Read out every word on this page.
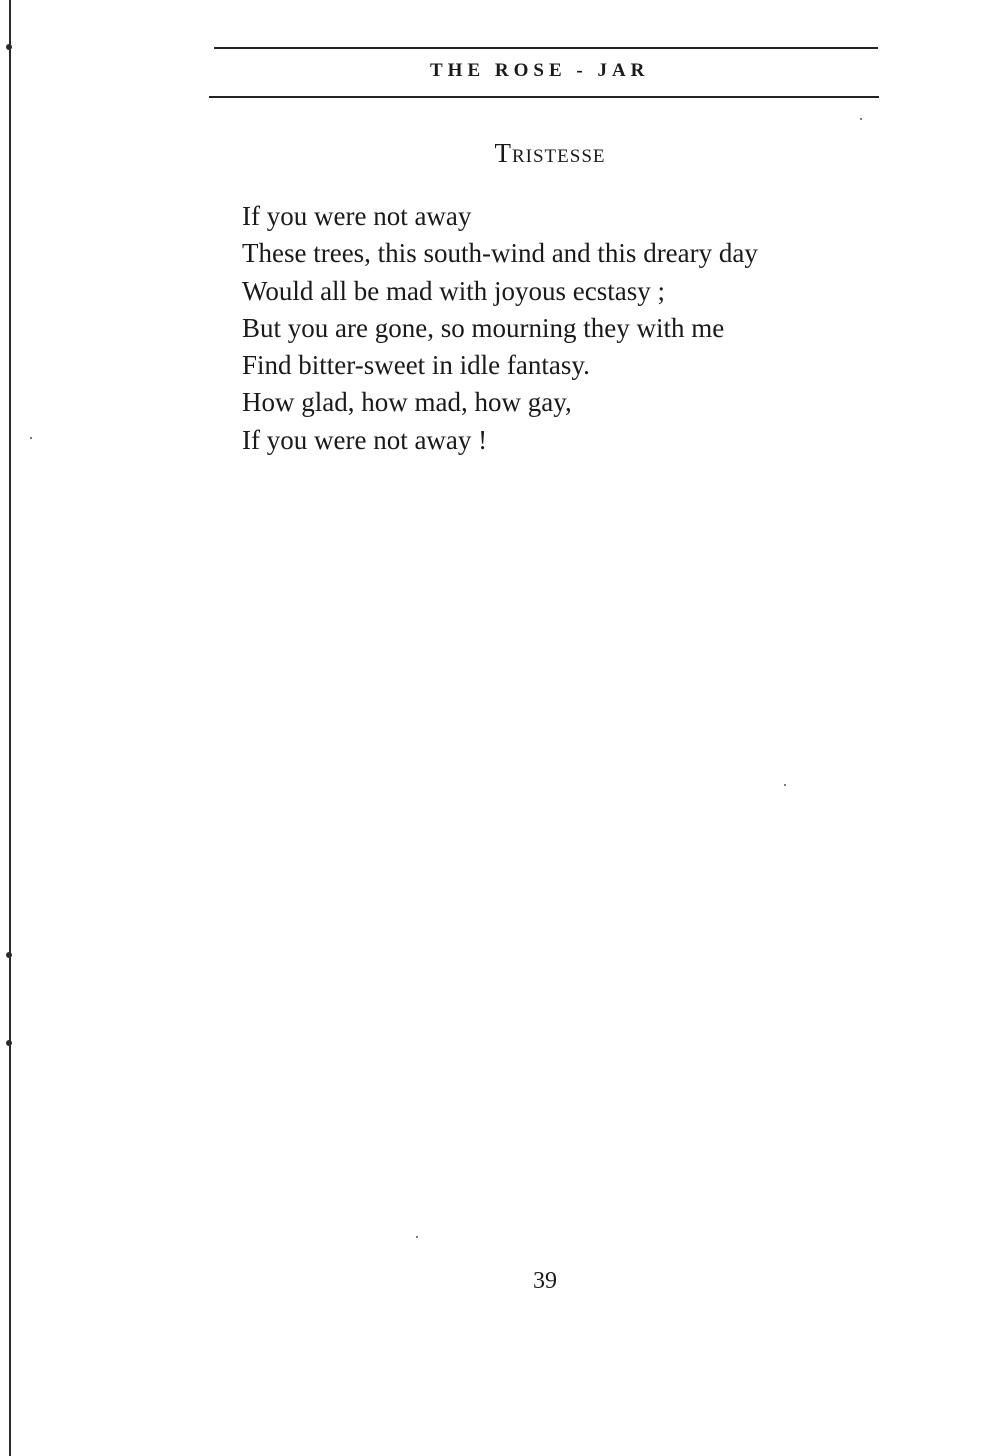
THE ROSE - JAR
Tristesse
If you were not away
These trees, this south-wind and this dreary day
Would all be mad with joyous ecstasy ;
But you are gone, so mourning they with me
Find bitter-sweet in idle fantasy.
How glad, how mad, how gay,
If you were not away !
39
